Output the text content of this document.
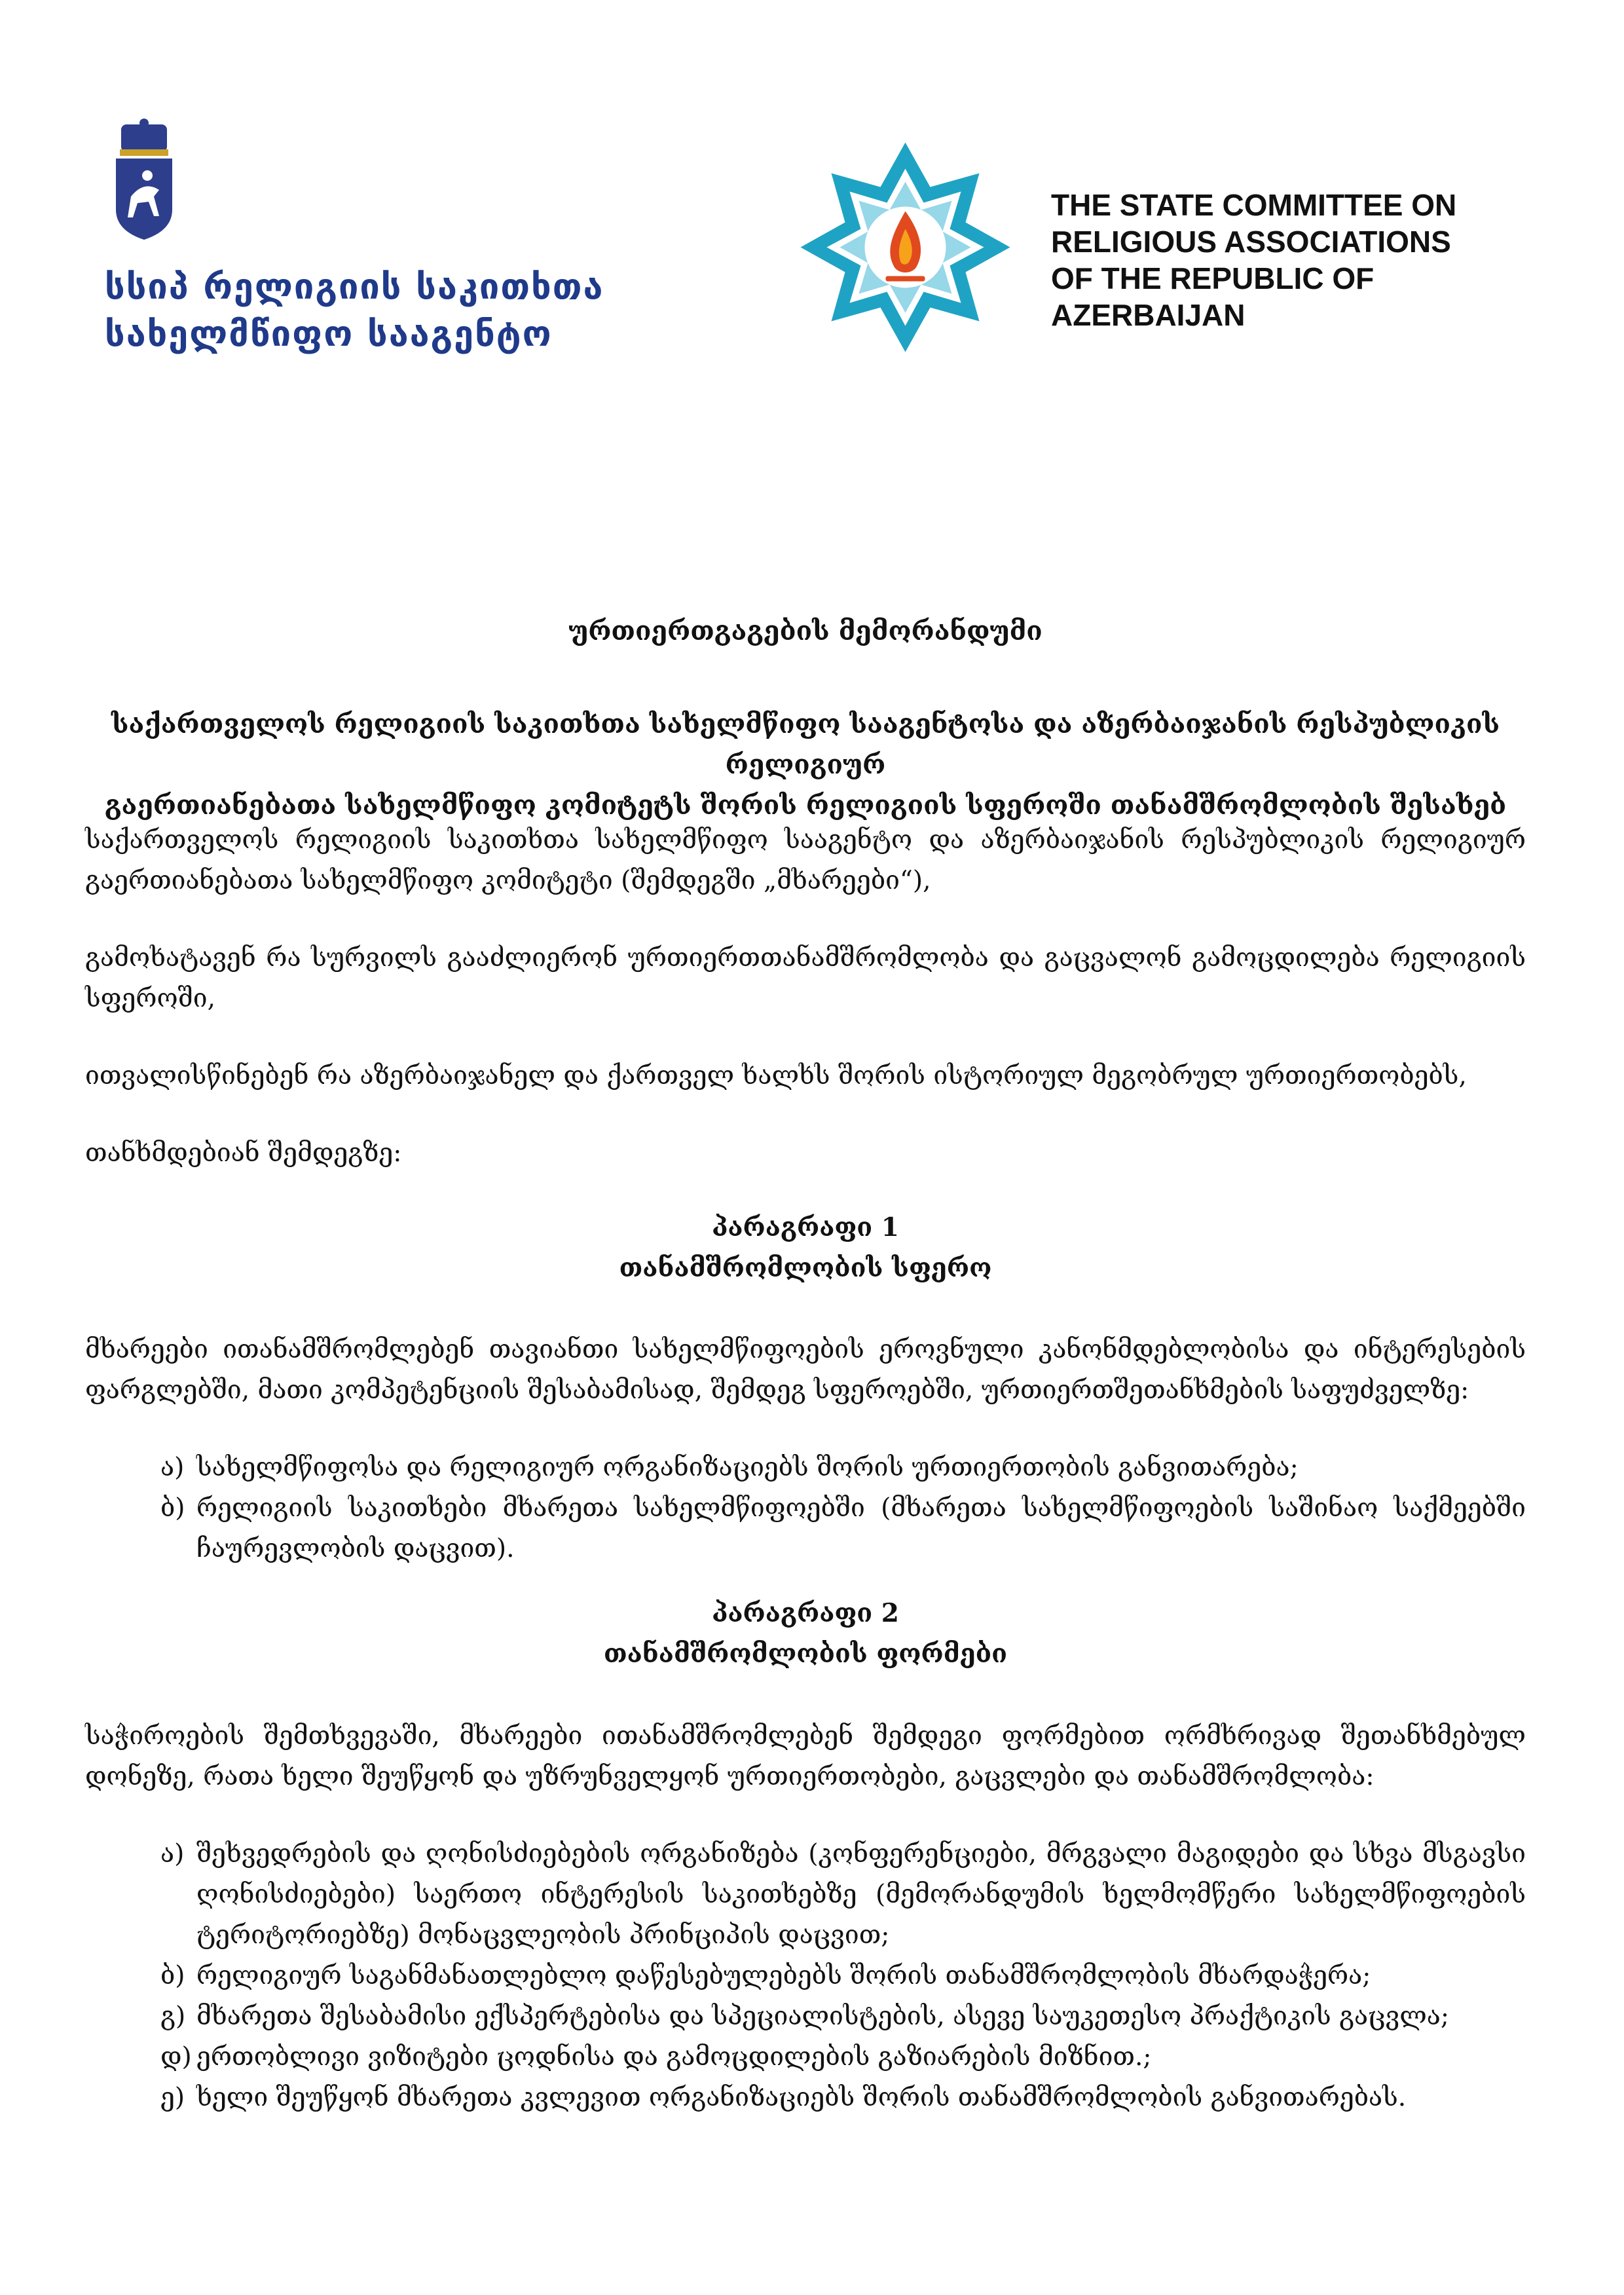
სსიპ რელიგიის საკითხთა
სახელმწიფო სააგენტო
THE STATE COMMITTEE ON
RELIGIOUS ASSOCIATIONS
OF THE REPUBLIC OF AZERBAIJAN
ურთიერთგაგების მემორანდუმი
საქართველოს რელიგიის საკითხთა სახელმწიფო სააგენტოსა და აზერბაიჯანის რესპუბლიკის რელიგიურ
გაერთიანებათა სახელმწიფო კომიტეტს შორის რელიგიის სფეროში თანამშრომლობის შესახებ
საქართველოს რელიგიის საკითხთა სახელმწიფო სააგენტო და აზერბაიჯანის რესპუბლიკის რელიგიურ გაერთიანებათა სახელმწიფო კომიტეტი (შემდეგში „მხარეები“),
გამოხატავენ რა სურვილს გააძლიერონ ურთიერთთანამშრომლობა და გაცვალონ გამოცდილება რელიგიის სფეროში,
ითვალისწინებენ რა აზერბაიჯანელ და ქართველ ხალხს შორის ისტორიულ მეგობრულ ურთიერთობებს,
თანხმდებიან შემდეგზე:
პარაგრაფი 1
თანამშრომლობის სფერო
მხარეები ითანამშრომლებენ თავიანთი სახელმწიფოების ეროვნული კანონმდებლობისა და ინტერესების ფარგლებში, მათი კომპეტენციის შესაბამისად, შემდეგ სფეროებში, ურთიერთშეთანხმების საფუძველზე:
ა) სახელმწიფოსა და რელიგიურ ორგანიზაციებს შორის ურთიერთობის განვითარება;
ბ) რელიგიის საკითხები მხარეთა სახელმწიფოებში (მხარეთა სახელმწიფოების საშინაო საქმეებში ჩაურევლობის დაცვით).
პარაგრაფი 2
თანამშრომლობის ფორმები
საჭიროების შემთხვევაში, მხარეები ითანამშრომლებენ შემდეგი ფორმებით ორმხრივად შეთანხმებულ დონეზე, რათა ხელი შეუწყონ და უზრუნველყონ ურთიერთობები, გაცვლები და თანამშრომლობა:
ა) შეხვედრების და ღონისძიებების ორგანიზება (კონფერენციები, მრგვალი მაგიდები და სხვა მსგავსი ღონისძიებები) საერთო ინტერესის საკითხებზე (მემორანდუმის ხელმომწერი სახელმწიფოების ტერიტორიებზე) მონაცვლეობის პრინციპის დაცვით;
ბ) რელიგიურ საგანმანათლებლო დაწესებულებებს შორის თანამშრომლობის მხარდაჭერა;
გ) მხარეთა შესაბამისი ექსპერტებისა და სპეციალისტების, ასევე საუკეთესო პრაქტიკის გაცვლა;
დ) ერთობლივი ვიზიტები ცოდნისა და გამოცდილების გაზიარების მიზნით.;
ე) ხელი შეუწყონ მხარეთა კვლევით ორგანიზაციებს შორის თანამშრომლობის განვითარებას.
